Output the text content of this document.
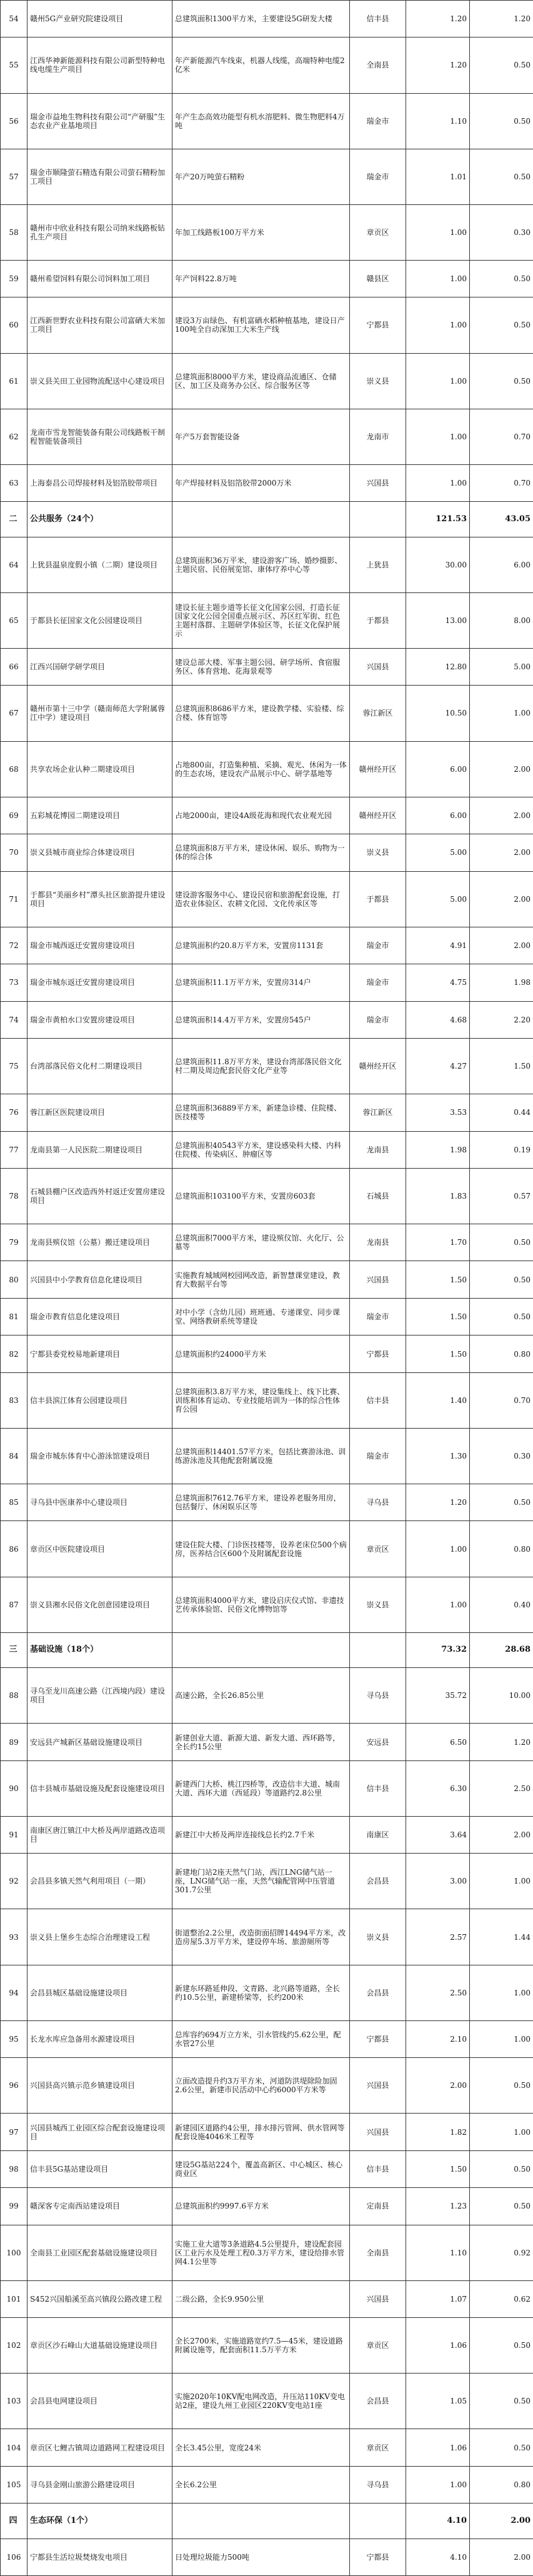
54	赣州5G产业研究院建设项目	总建筑面积1300平方米，主要建设5G研发大楼	信丰县	1.20	1.20
55	江西华神新能源科技有限公司新型特种电线电缆生产项目	年产新能源汽车线束，机器人线缆，高端特种电缆2亿米	全南县	1.20	0.50
56	瑞金市益地生物科技有限公司“产研服”生态农业产业基地项目	年产生态高效功能型有机水溶肥料、微生物肥料4万吨	瑞金市	1.10	0.50
57	瑞金市顺隆萤石精选有限公司萤石精粉加工项目	年产20万吨萤石精粉	瑞金市	1.01	0.50
58	赣州市中欣业科技有限公司纳米线路板钻孔生产项目	年加工线路板100万平方米	章贡区	1.00	0.30
59	赣州希望饲料有限公司饲料加工项目	年产饲料22.8万吨	赣县区	1.00	0.50
60	江西新世野农业科技有限公司富硒大米加工项目	建设3万亩绿色、有机富硒水稻种植基地，建设日产100吨全自动深加工大米生产线	宁都县	1.00	0.50
61	崇义县关田工业园物流配送中心建设项目	总建筑面积8000平方米，建设商品流通区、仓储区、加工区及商务办公区、综合服务区等	崇义县	1.00	0.50
62	龙南市雪龙智能装备有限公司线路板干制程智能装备项目	年产5万套智能设备	龙南市	1.00	0.70
63	上海泰昌公司焊接材料及铝箔胶带项目	年产焊接材料及铝箔胶带2000万米	兴国县	1.00	0.70
二	公共服务（24个）			121.53	43.05
64	上犹县温泉度假小镇（二期）建设项目	总建筑面积36万平米，建设游客广场、婚纱摄影、主题民宿、民俗展览馆、康体疗养中心等	上犹县	30.00	6.00
65	于都县长征国家文化公园建设项目	建设长征主题步道等长征文化国家公园，打造长征国家文化公园全国重点展示区、苏区红军街、红色主题村落群、主题研学体验区等，长征文化保护展示	于都县	13.00	8.00
66	江西兴国研学研学项目	建设总部大楼、军事主题公园、研学场所、食宿服务区、体育营地、花海景观等	兴国县	12.80	5.00
67	赣州市第十三中学（赣南师范大学附属蓉江中学）建设项目	总建筑面积8686平方米，建设教学楼、实验楼、综合楼、体育馆等	蓉江新区	10.50	1.00
68	共享农场企业认种二期建设项目	占地800亩，打造集种植、采摘、观光、休闲为一体的生态农场，建设农产品展示中心、研学基地等	赣州经开区	6.00	2.00
69	五彩城花博园二期建设项目	占地2000亩，建设4A级花海和现代农业观光园	赣州经开区	6.00	2.00
70	崇义县城市商业综合体建设项目	总建筑面积8万平方米，建设休闲、娱乐、购物为一体的综合体	崇义县	5.00	2.00
71	于都县“美丽乡村”潭头社区旅游提升建设项目	建设游客服务中心、建设民宿和旅游配套设施，打造农业体验区、农耕文化园、文化传承区等	于都县	5.00	2.00
72	瑞金市城西返迁安置房建设项目	总建筑面积约20.8万平方米，安置房1131套	瑞金市	4.91	2.00
73	瑞金市城东返迁安置房建设项目	总建筑面积11.1万平方米，安置房314户	瑞金市	4.75	1.98
74	瑞金市黄柏水口安置房建设项目	总建筑面积14.4万平方米，安置房545户	瑞金市	4.68	2.20
75	台湾部落民俗文化村二期建设项目	总建筑面积11.8万平方米，建设台湾部落民俗文化村二期及周边配套民俗文化产业等	赣州经开区	4.27	1.50
76	蓉江新区医院建设项目	总建筑面积36889平方米，新建急诊楼、住院楼、医技楼等	蓉江新区	3.53	0.44
77	龙南县第一人民医院二期建设项目	总建筑面积40543平方米，建设感染科大楼、内科住院楼、传染病区、肿瘤区等	龙南县	1.98	0.19
78	石城县棚户区改造西外村返迁安置房建设项目	总建筑面积103100平方米，安置房603套	石城县	1.83	0.57
79	龙南县殡仪馆（公墓）搬迁建设项目	总建筑面积7000平方米，建设殡仪馆、火化厅、公墓等	龙南县	1.70	0.50
80	兴国县中小学教育信息化建设项目	实施教育城域网校园网改造，新智慧课堂建设，教育大数据平台等	兴国县	1.50	0.50
81	瑞金市教育信息化建设项目	对中小学（含幼儿园）班班通、专递课堂、同步课堂、网络教研系统等建设	瑞金市	1.50	0.50
82	宁都县委党校易地新建项目	总建筑面积约24000平方米	宁都县	1.50	0.80
83	信丰县滨江体育公园建设项目	总建筑面积3.8万平方米，建设集线上、线下比赛、训练和体育运动、专业技能培训为一体的综合性体育公园	信丰县	1.40	0.70
84	瑞金市城东体育中心游泳馆建设项目	总建筑面积14401.57平方米，包括比赛游泳池、训练游泳池及其他配套附属设施	瑞金市	1.30	0.30
85	寻乌县中医康养中心建设项目	总建筑面积7612.76平方米，建设养老服务用房，包括餐厅、休闲娱乐区等	寻乌县	1.20	0.50
86	章贡区中医院建设项目	建设住院大楼、门诊医技楼等，设养老床位500个病房，医养结合区600个及附属配套设施	章贡区	1.00	0.80
87	崇义县湘水民俗文化创意园建设项目	总建筑面积4000平方米，建设启庆仪式馆、非遗技艺传承体验馆、民俗文化博物馆等	崇义县	1.00	0.40
三	基础设施（18个）			73.32	28.68
88	寻乌至龙川高速公路（江西境内段）建设项目	高速公路，全长26.85公里	寻乌县	35.72	10.00
89	安远县产城新区基础设施建设项目	新建创业大道、新源大道、新发大道、西环路等，全长约15公里	安远县	6.50	1.20
90	信丰县城市基础设施及配套设施建设项目	新建西门大桥、桃江四桥等，改造信丰大道、城南大道、西环大道（西延段）等道路约2.8公里	信丰县	6.30	2.50
91	南康区唐江镇江中大桥及两岸道路改造项目	新建江中大桥及两岸连接线总长约2.7千米	南康区	3.64	2.00
92	会昌县多镇天然气利用项目（一期）	新建地门站2座天然气门站，西江LNG储气站一座，LNG储气站一座，天然气输配管网中压管道301.7公里	会昌县	3.00	1.00
93	崇义县上堡乡生态综合治理建设工程	街道整治2.2公里，改造街面招牌14494平方米，改造房屋5.3万平方米，建设停车场、旅游厕所等	崇义县	2.57	1.44
94	会昌县城区基础设施建设项目	新建东环路延伸段、文青路、北兴路等道路，全长约10.5公里，新建桥梁等，长约200米	会昌县	2.50	1.00
95	长龙水库应急备用水源建设项目	总库容约694万立方米，引水管线约5.62公里，配水管27公里	宁都县	2.10	1.00
96	兴国县高兴镇示范乡镇建设项目	立面改造提升约3万平方米，河道防洪堤除险加固2.6公里，新建市民活动中心约6000平方米等	兴国县	2.00	0.50
97	兴国县城西工业园区综合配套设施建设项目	新建园区道路约4公里，排水排污管网、供水管网等配套设施4046米工程等	兴国县	1.82	1.00
98	信丰县5G基站建设项目	建设5G基站224个，覆盖高新区、中心城区、核心商业区	信丰县	1.50	0.50
99	赣深客专定南西站建设项目	总建筑面积约9997.6平方米	定南县	1.23	0.50
100	全南县工业园区配套基础设施建设项目	实施工业大道等3条道路4.5公里提升，建设配套园区工业污水及处理工程0.3万平方米，建设给排水管网4.1公里等	全南县	1.10	0.92
101	S452兴国船溪至高兴镇段公路改建工程	二级公路，全长9.950公里	兴国县	1.07	0.62
102	章贡区沙石峰山大道基础设施建设项目	全长2700米，实施道路宽约7.5—45米，建设道路附属设施等，配套面积11.5万平方米	章贡区	1.06	0.50
103	会昌县电网建设项目	实施2020年10KV配电网改造，升压站110KV变电站2座，建设九州工业园区220KV变电站1座	会昌县	1.05	0.50
104	章贡区七鲤古镇周边道路网工程建设项目	全长3.45公里，宽度24米	章贡区	1.06	0.50
105	寻乌县金刚山旅游公路建设项目	全长6.2公里	寻乌县	1.00	0.80
四	生态环保（1个）			4.10	2.00
106	宁都县生活垃圾焚烧发电项目	日处理垃圾能力500吨	宁都县	4.10	2.00
